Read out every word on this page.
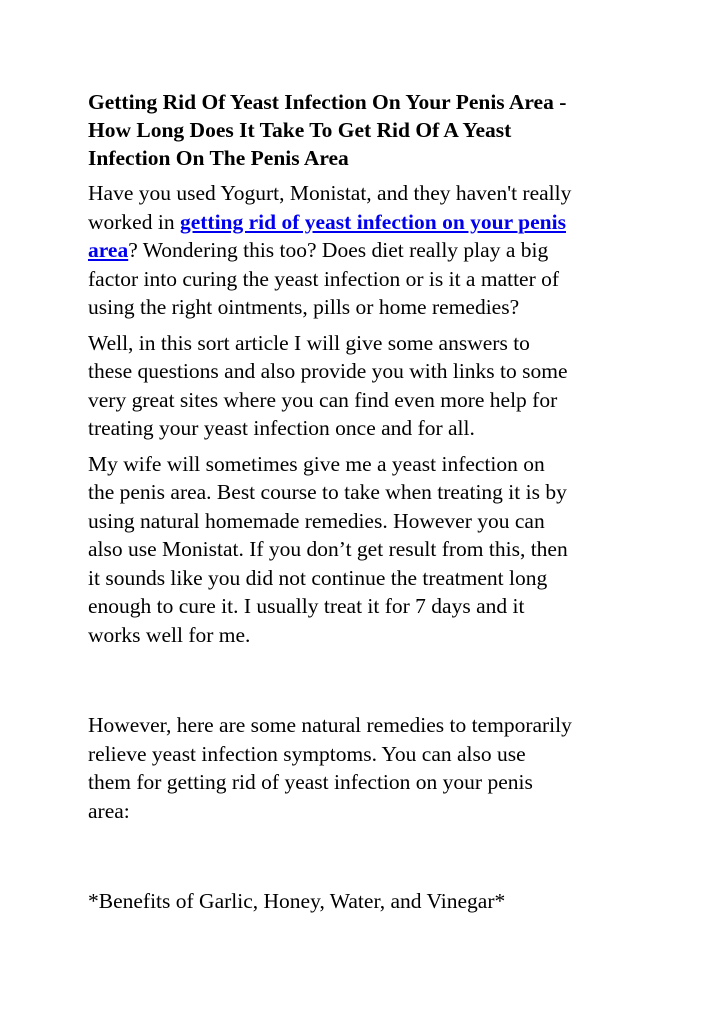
Getting Rid Of Yeast Infection On Your Penis Area -
How Long Does It Take To Get Rid Of A Yeast
Infection On The Penis Area

Have you used Yogurt, Monistat, and they haven't really
worked in getting rid of yeast infection on your penis
area? Wondering this too? Does diet really play a big
factor into curing the yeast infection or is it a matter of
using the right ointments, pills or home remedies?

Well, in this sort article I will give some answers to
these questions and also provide you with links to some
very great sites where you can find even more help for
treating your yeast infection once and for all.

My wife will sometimes give me a yeast infection on
the penis area. Best course to take when treating it is by
using natural homemade remedies. However you can
also use Monistat. If you don’t get result from this, then
it sounds like you did not continue the treatment long
enough to cure it. I usually treat it for 7 days and it
works well for me.

However, here are some natural remedies to temporarily
relieve yeast infection symptoms. You can also use
them for getting rid of yeast infection on your penis
area:

*Benefits of Garlic, Honey, Water, and Vinegar*
